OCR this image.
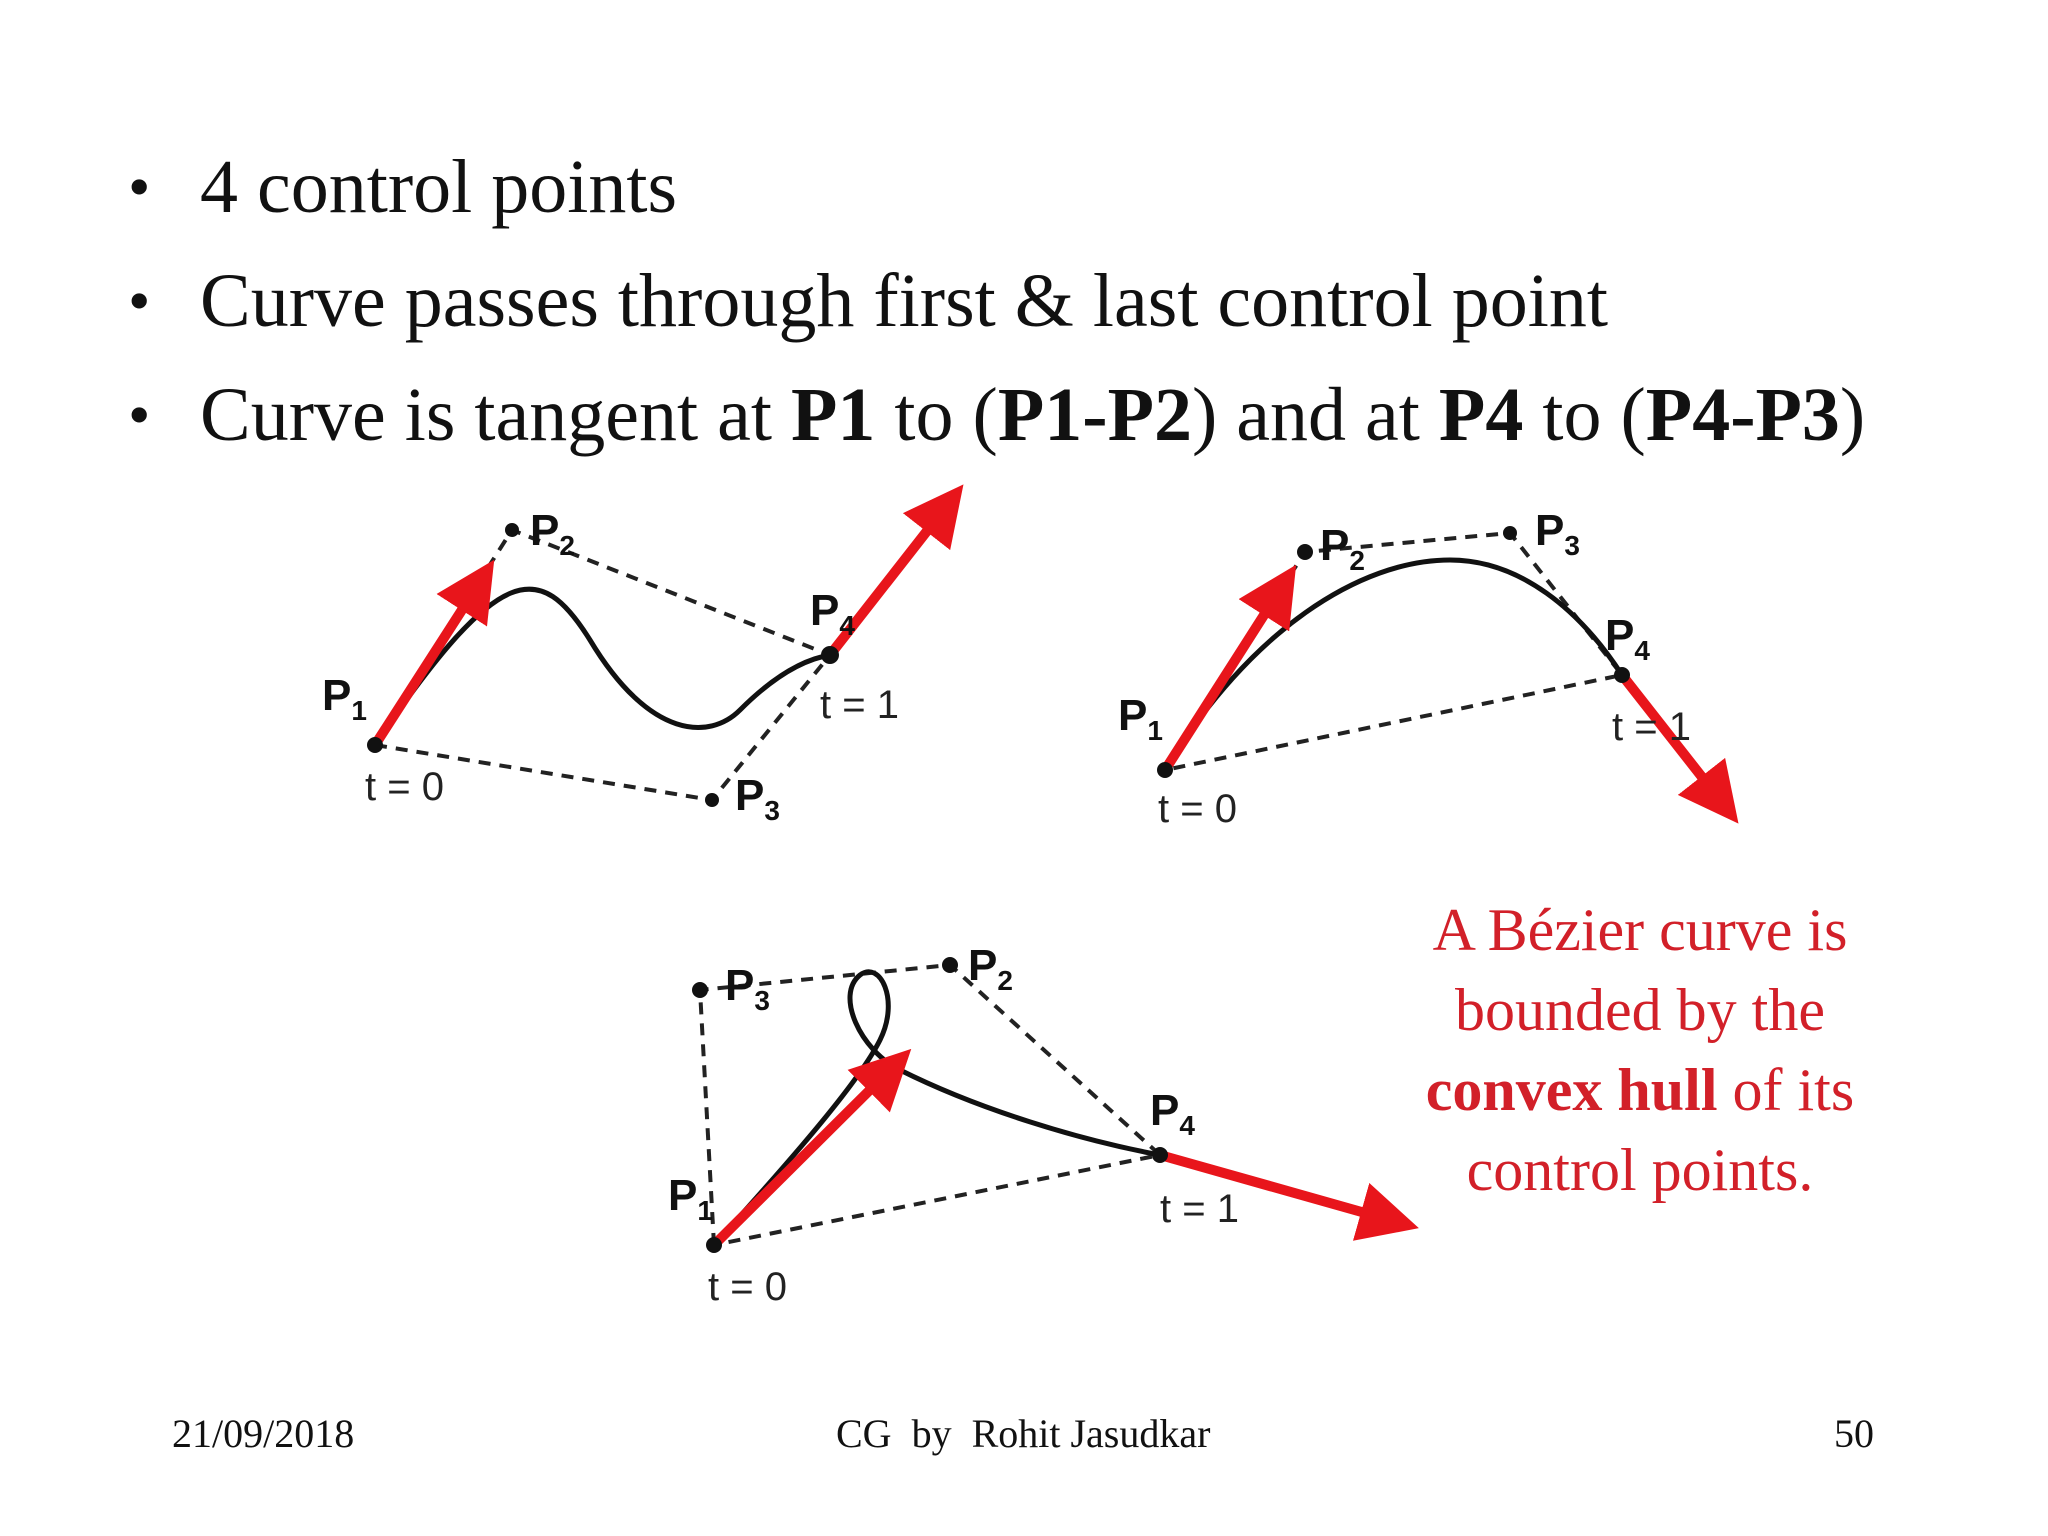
• 4 control points
• Curve passes through first & last control point
• Curve is tangent at P1 to (P1-P2) and at P4 to (P4-P3)
$P_1$
$P_2$
$P_3$
$P_4$
t = 0
t = 1	$P_1$
$P_2$
$P_3$
$P_4$
t = 0
t = 1
$P_1$
$P_2$
$P_3$
$P_4$
t = 0
t = 1
A Bézier curve is
bounded by the
convex hull of its
control points.
21/09/2018	CG  by  Rohit Jasudkar	50
